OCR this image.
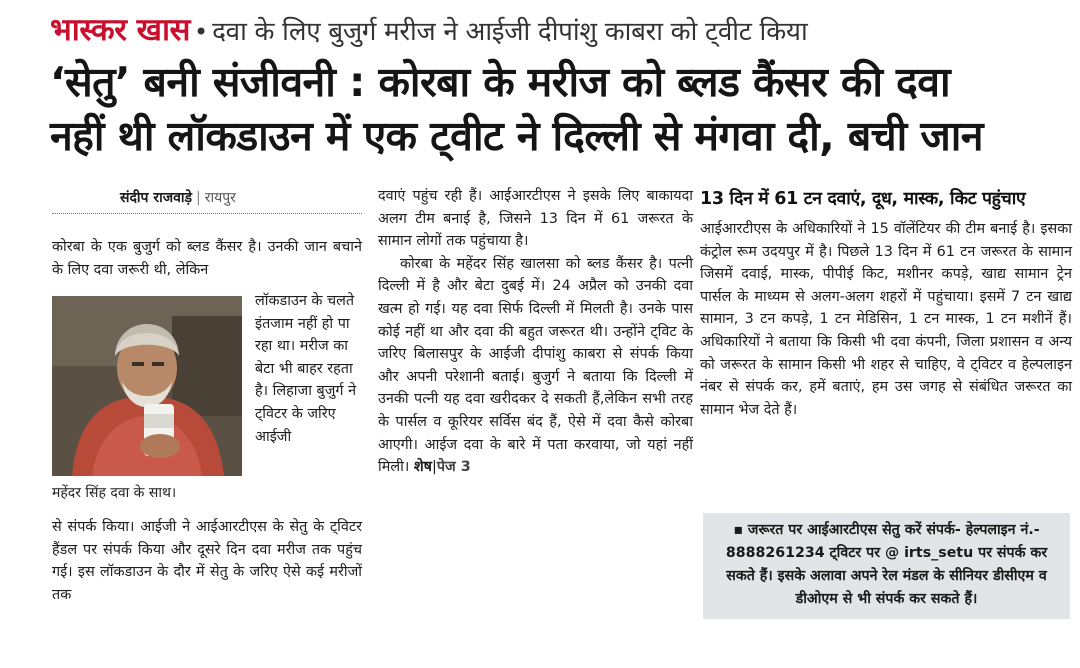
भास्कर खास • दवा के लिए बुजुर्ग मरीज ने आईजी दीपांशु काबरा को ट्वीट किया

‘सेतु’ बनी संजीवनी : कोरबा के मरीज को ब्लड कैंसर की दवा

नहीं थी लॉकडाउन में एक ट्वीट ने दिल्ली से मंगवा दी, बची जान

संदीप राजवाड़े | रायपुर

कोरबा के एक बुजुर्ग को ब्लड कैंसर है। उनकी जान बचाने के लिए दवा जरूरी थी, लेकिन

लॉकडाउन के चलते इंतजाम नहीं हो पा रहा था। मरीज का बेटा भी बाहर रहता है। लिहाजा बुजुर्ग ने ट्विटर के जरिए आईजी

महेंदर सिंह दवा के साथ।

से संपर्क किया। आईजी ने आईआरटीएस के सेतु के ट्विटर हैंडल पर संपर्क किया और दूसरे दिन दवा मरीज तक पहुंच गई। इस लॉकडाउन के दौर में सेतु के जरिए ऐसे कई मरीजों तक

दवाएं पहुंच रही हैं। आईआरटीएस ने इसके लिए बाकायदा अलग टीम बनाई है, जिसने 13 दिन में 61 जरूरत के सामान लोगों तक पहुंचाया है।

कोरबा के महेंदर सिंह खालसा को ब्लड कैंसर है। पत्नी दिल्ली में है और बेटा दुबई में। 24 अप्रैल को उनकी दवा खत्म हो गई। यह दवा सिर्फ दिल्ली में मिलती है। उनके पास कोई नहीं था और दवा की बहुत जरूरत थी। उन्होंने ट्विट के जरिए बिलासपुर के आईजी दीपांशु काबरा से संपर्क किया और अपनी परेशानी बताई। बुजुर्ग ने बताया कि दिल्ली में उनकी पत्नी यह दवा खरीदकर दे सकती हैं,लेकिन सभी तरह के पार्सल व कूरियर सर्विस बंद हैं, ऐसे में दवा कैसे कोरबा आएगी। आईज दवा के बारे में पता करवाया, जो यहां नहीं मिली। शेष|पेज 3

13 दिन में 61 टन दवाएं, दूध, मास्क, किट पहुंचाए

आईआरटीएस के अधिकारियों ने 15 वॉलेंटियर की टीम बनाई है। इसका कंट्रोल रूम उदयपुर में है। पिछले 13 दिन में 61 टन जरूरत के सामान जिसमें दवाई, मास्क, पीपीई किट, मशीनर कपड़े, खाद्य सामान ट्रेन पार्सल के माध्यम से अलग-अलग शहरों में पहुंचाया। इसमें 7 टन खाद्य सामान, 3 टन कपड़े, 1 टन मेडिसिन, 1 टन मास्क, 1 टन मशीनें हैं। अधिकारियों ने बताया कि किसी भी दवा कंपनी, जिला प्रशासन व अन्य को जरूरत के सामान किसी भी शहर से चाहिए, वे ट्विटर व हेल्पलाइन नंबर से संपर्क कर, हमें बताएं, हम उस जगह से संबंधित जरूरत का सामान भेज देते हैं।

▪ जरूरत पर आईआरटीएस सेतु करें संपर्क- हेल्पलाइन नं.- 8888261234 ट्विटर पर @ irts_setu पर संपर्क कर सकते हैं। इसके अलावा अपने रेल मंडल के सीनियर डीसीएम व डीओएम से भी संपर्क कर सकते हैं।
